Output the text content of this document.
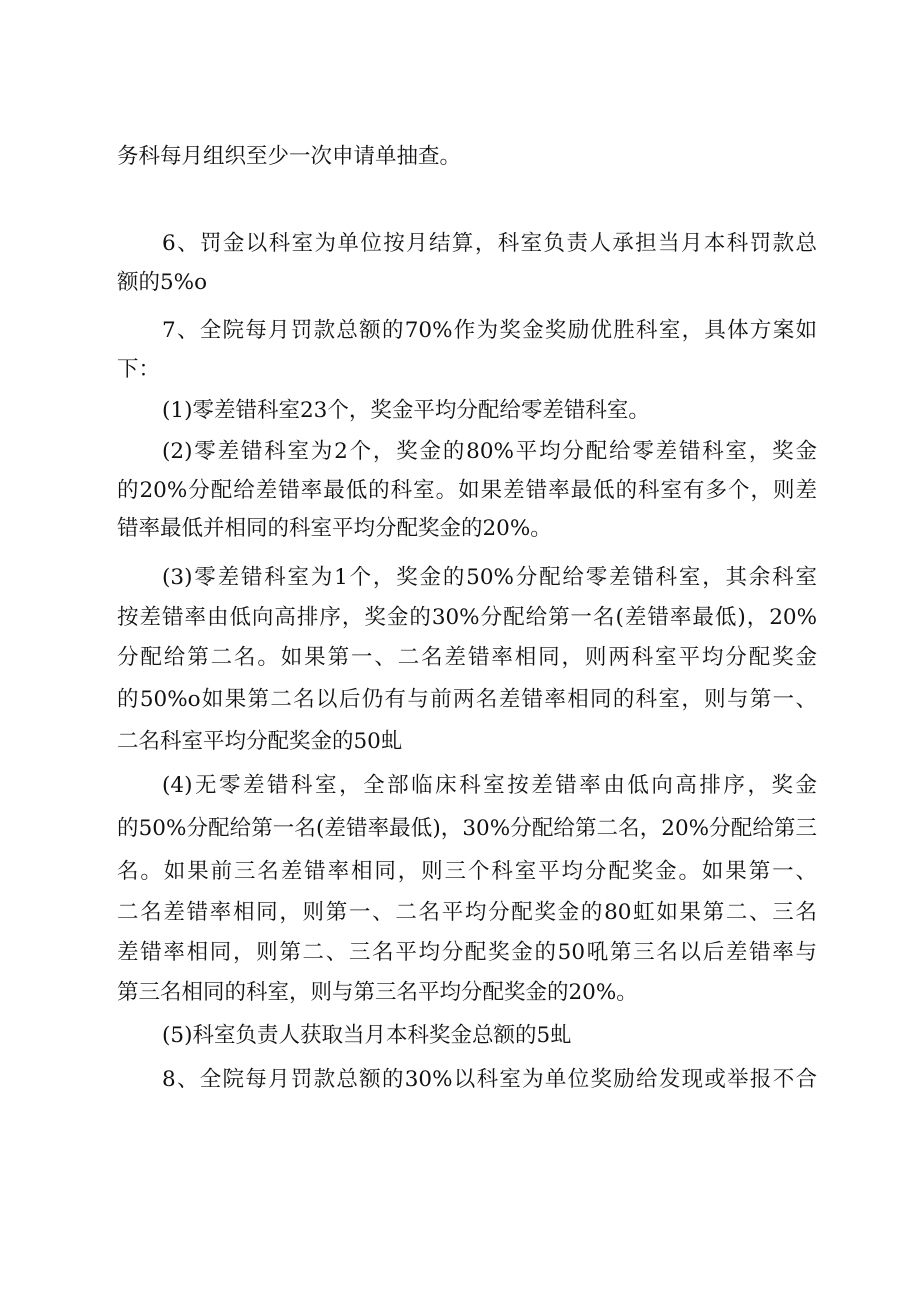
务科每月组织至少一次申请单抽查。
6、罚金以科室为单位按月结算，科室负责人承担当月本科罚款总
额的5%o
7、全院每月罚款总额的70%作为奖金奖励优胜科室，具体方案如
下：
(1)零差错科室23个，奖金平均分配给零差错科室。
(2)零差错科室为2个，奖金的80%平均分配给零差错科室，奖金
的20%分配给差错率最低的科室。如果差错率最低的科室有多个，则差
错率最低并相同的科室平均分配奖金的20%。
(3)零差错科室为1个，奖金的50%分配给零差错科室，其余科室
按差错率由低向高排序，奖金的30%分配给第一名(差错率最低)，20%
分配给第二名。如果第一、二名差错率相同，则两科室平均分配奖金
的50%o如果第二名以后仍有与前两名差错率相同的科室，则与第一、
二名科室平均分配奖金的50虬
(4)无零差错科室，全部临床科室按差错率由低向高排序，奖金
的50%分配给第一名(差错率最低)，30%分配给第二名，20%分配给第三
名。如果前三名差错率相同，则三个科室平均分配奖金。如果第一、
二名差错率相同，则第一、二名平均分配奖金的80虹如果第二、三名
差错率相同，则第二、三名平均分配奖金的50吼第三名以后差错率与
第三名相同的科室，则与第三名平均分配奖金的20%。
(5)科室负责人获取当月本科奖金总额的5虬
8、全院每月罚款总额的30%以科室为单位奖励给发现或举报不合
